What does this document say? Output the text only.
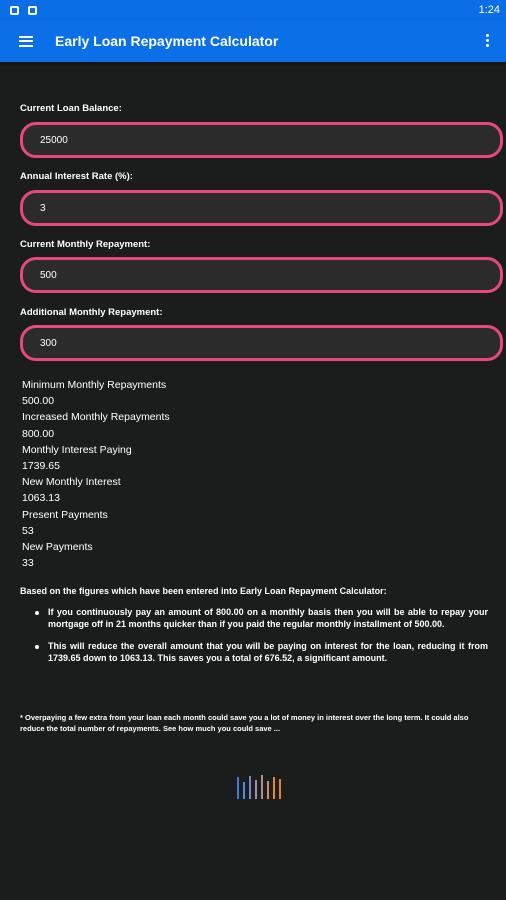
1:24
Early Loan Repayment Calculator
Current Loan Balance:
25000
Annual Interest Rate (%):
3
Current Monthly Repayment:
500
Additional Monthly Repayment:
300
Minimum Monthly Repayments
500.00
Increased Monthly Repayments
800.00
Monthly Interest Paying
1739.65
New Monthly Interest
1063.13
Present Payments
53
New Payments
33
Based on the figures which have been entered into Early Loan Repayment Calculator:
If you continuously pay an amount of 800.00 on a monthly basis then you will be able to repay your mortgage off in 21 months quicker than if you paid the regular monthly installment of 500.00.
This will reduce the overall amount that you will be paying on interest for the loan, reducing it from 1739.65 down to 1063.13. This saves you a total of 676.52, a significant amount.
* Overpaying a few extra from your loan each month could save you a lot of money in interest over the long term. It could also reduce the total number of repayments. See how much you could save ...
